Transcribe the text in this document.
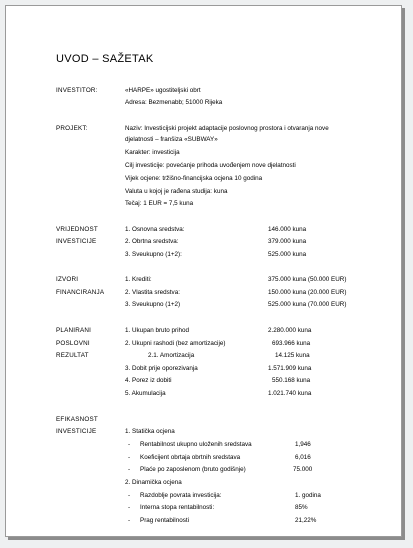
UVOD – SAŽETAK
INVESTITOR:	«HARPE» ugostiteljski obrt
Adresa: Bezmenabb; 51000 Rijeka
PROJEKT:	Naziv: Investicijski projekt adaptacije poslovnog prostora i otvaranja nove
djelatnosti – franšiza «SUBWAY»
Karakter: investicija
Cilj investicije: povećanje prihoda uvođenjem nove djelatnosti
Vijek ocjene: tržišno-financijska ocjena 10 godina
Valuta u kojoj je rađena studija: kuna
Tečaj: 1 EUR = 7,5 kuna
VRIJEDNOST
INVESTICIJE
1. Osnovna sredstva:	146.000 kuna
2. Obrtna sredstva:	379.000 kuna
3. Sveukupno (1+2):	525.000 kuna
IZVORI
FINANCIRANJA
1. Krediti:	375.000 kuna (50.000 EUR)
2. Vlastita sredstva:	150.000 kuna (20.000 EUR)
3. Sveukupno (1+2)	525.000 kuna (70.000 EUR)
PLANIRANI
POSLOVNI
REZULTAT
1. Ukupan bruto prihod	2.280.000 kuna
2. Ukupni rashodi (bez amortizacije)	693.966 kuna
2.1. Amortizacija	14.125 kuna
3. Dobit prije oporezivanja	1.571.909 kuna
4. Porez iz dobiti	550.168 kuna
5. Akumulacija	1.021.740 kuna
EFIKASNOST
INVESTICIJE	1. Statička ocjena
- Rentabilnost ukupno uloženih sredstava	1,946
- Koeficijent obrtaja obrtnih sredstava	6,016
- Plaće po zaposlenom (bruto godišnje)	75.000
2. Dinamička ocjena
- Razdoblje povrata investicija:	1. godina
- Interna stopa rentabilnosti:	85%
- Prag rentabilnosti	21,22%
